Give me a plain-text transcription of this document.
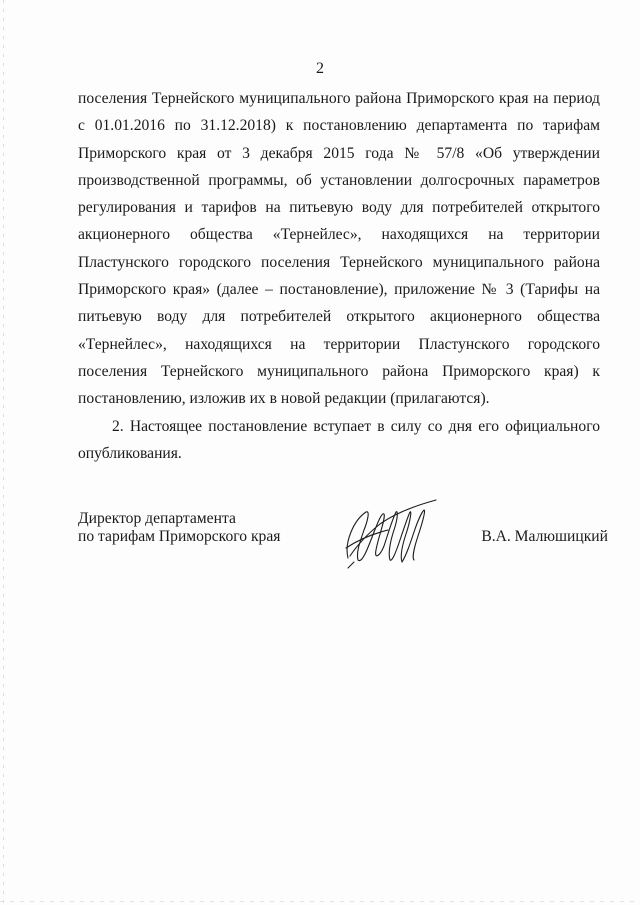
2

поселения Тернейского муниципального района Приморского края на период с 01.01.2016 по 31.12.2018) к постановлению департамента по тарифам Приморского края от 3 декабря 2015 года № 57/8 «Об утверждении производственной программы, об установлении долгосрочных параметров регулирования и тарифов на питьевую воду для потребителей открытого акционерного общества «Тернейлес», находящихся на территории Пластунского городского поселения Тернейского муниципального района Приморского края» (далее – постановление), приложение № 3 (Тарифы на питьевую воду для потребителей открытого акционерного общества «Тернейлес», находящихся на территории Пластунского городского поселения Тернейского муниципального района Приморского края) к постановлению, изложив их в новой редакции (прилагаются).

2. Настоящее постановление вступает в силу со дня его официального опубликования.

Директор департамента
по тарифам Приморского края	В.А. Малюшицкий
